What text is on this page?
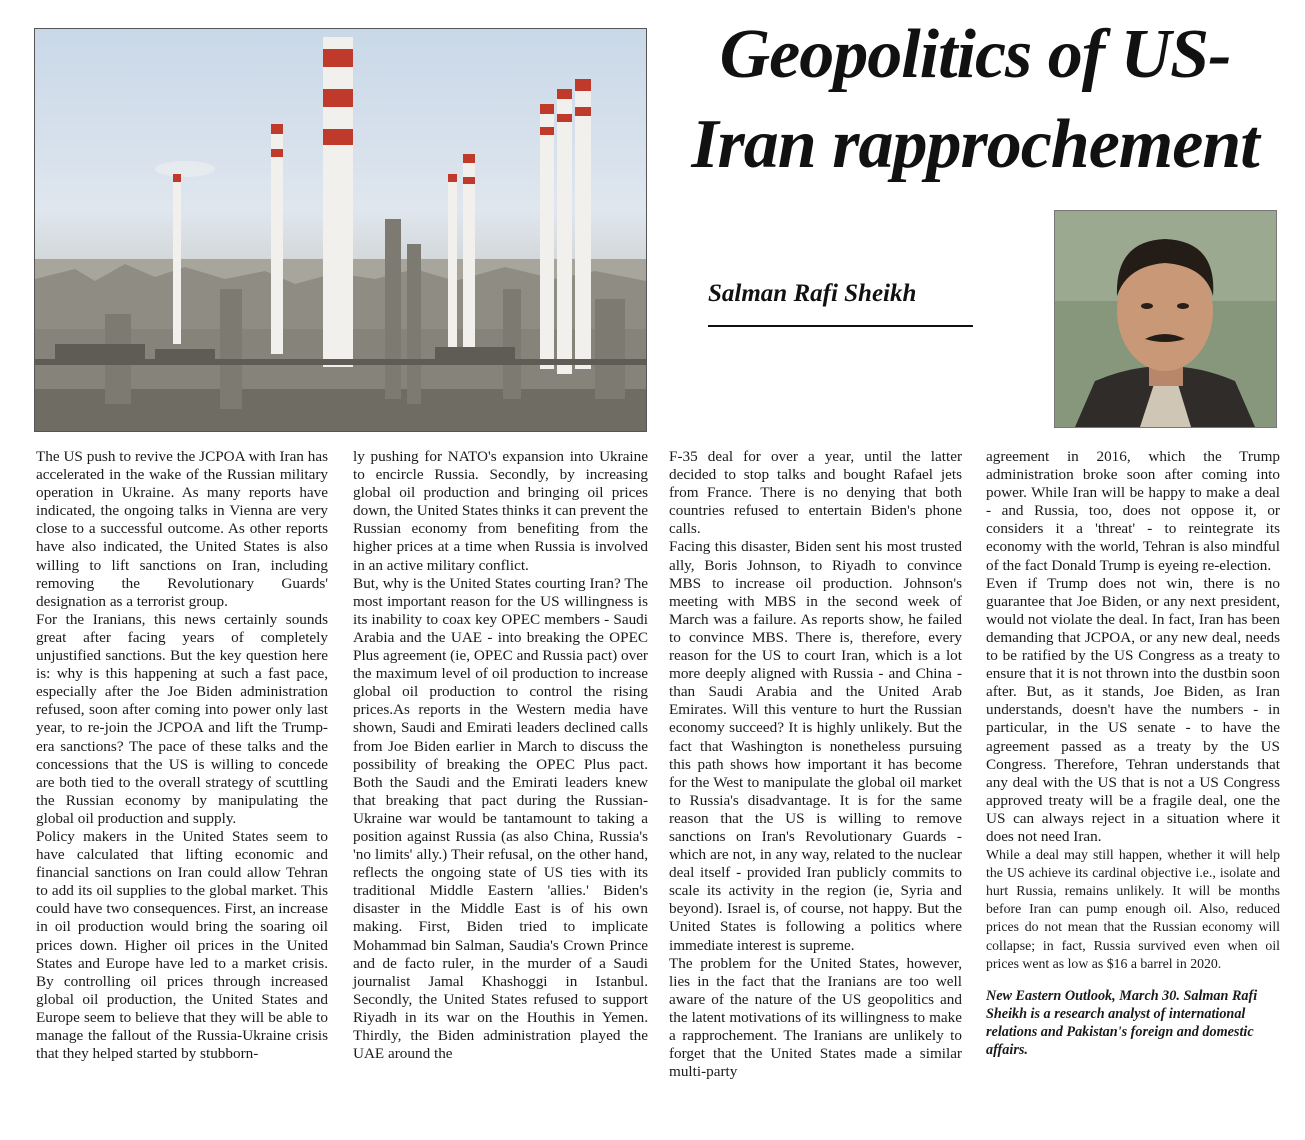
Geopolitics of US-Iran rapprochement
Salman Rafi Sheikh

The US push to revive the JCPOA with Iran has accelerated in the wake of the Russian military operation in Ukraine. As many reports have indicated, the ongoing talks in Vienna are very close to a successful outcome. As other reports have also indicated, the United States is also willing to lift sanctions on Iran, including removing the Revolutionary Guards' designation as a terrorist group.

For the Iranians, this news certainly sounds great after facing years of completely unjustified sanctions. But the key question here is: why is this happening at such a fast pace, especially after the Joe Biden administration refused, soon after coming into power only last year, to re-join the JCPOA and lift the Trump-era sanctions? The pace of these talks and the concessions that the US is willing to concede are both tied to the overall strategy of scuttling the Russian economy by manipulating the global oil production and supply.

Policy makers in the United States seem to have calculated that lifting economic and financial sanctions on Iran could allow Tehran to add its oil supplies to the global market. This could have two consequences. First, an increase in oil production would bring the soaring oil prices down. Higher oil prices in the United States and Europe have led to a market crisis. By controlling oil prices through increased global oil production, the United States and Europe seem to believe that they will be able to manage the fallout of the Russia-Ukraine crisis that they helped started by stubborn-

ly pushing for NATO's expansion into Ukraine to encircle Russia. Secondly, by increasing global oil production and bringing oil prices down, the United States thinks it can prevent the Russian economy from benefiting from the higher prices at a time when Russia is involved in an active military conflict.

But, why is the United States courting Iran? The most important reason for the US willingness is its inability to coax key OPEC members - Saudi Arabia and the UAE - into breaking the OPEC Plus agreement (ie, OPEC and Russia pact) over the maximum level of oil production to increase global oil production to control the rising prices.As reports in the Western media have shown, Saudi and Emirati leaders declined calls from Joe Biden earlier in March to discuss the possibility of breaking the OPEC Plus pact. Both the Saudi and the Emirati leaders knew that breaking that pact during the Russian-Ukraine war would be tantamount to taking a position against Russia (as also China, Russia's 'no limits' ally.) Their refusal, on the other hand, reflects the ongoing state of US ties with its traditional Middle Eastern 'allies.' Biden's disaster in the Middle East is of his own making. First, Biden tried to implicate Mohammad bin Salman, Saudia's Crown Prince and de facto ruler, in the murder of a Saudi journalist Jamal Khashoggi in Istanbul. Secondly, the United States refused to support Riyadh in its war on the Houthis in Yemen. Thirdly, the Biden administration played the UAE around the

F-35 deal for over a year, until the latter decided to stop talks and bought Rafael jets from France. There is no denying that both countries refused to entertain Biden's phone calls.

Facing this disaster, Biden sent his most trusted ally, Boris Johnson, to Riyadh to convince MBS to increase oil production. Johnson's meeting with MBS in the second week of March was a failure. As reports show, he failed to convince MBS. There is, therefore, every reason for the US to court Iran, which is a lot more deeply aligned with Russia - and China - than Saudi Arabia and the United Arab Emirates. Will this venture to hurt the Russian economy succeed? It is highly unlikely. But the fact that Washington is nonetheless pursuing this path shows how important it has become for the West to manipulate the global oil market to Russia's disadvantage. It is for the same reason that the US is willing to remove sanctions on Iran's Revolutionary Guards - which are not, in any way, related to the nuclear deal itself - provided Iran publicly commits to scale its activity in the region (ie, Syria and beyond). Israel is, of course, not happy. But the United States is following a politics where immediate interest is supreme.

The problem for the United States, however, lies in the fact that the Iranians are too well aware of the nature of the US geopolitics and the latent motivations of its willingness to make a rapprochement. The Iranians are unlikely to forget that the United States made a similar multi-party

agreement in 2016, which the Trump administration broke soon after coming into power. While Iran will be happy to make a deal - and Russia, too, does not oppose it, or considers it a 'threat' - to reintegrate its economy with the world, Tehran is also mindful of the fact Donald Trump is eyeing re-election.

Even if Trump does not win, there is no guarantee that Joe Biden, or any next president, would not violate the deal. In fact, Iran has been demanding that JCPOA, or any new deal, needs to be ratified by the US Congress as a treaty to ensure that it is not thrown into the dustbin soon after. But, as it stands, Joe Biden, as Iran understands, doesn't have the numbers - in particular, in the US senate - to have the agreement passed as a treaty by the US Congress. Therefore, Tehran understands that any deal with the US that is not a US Congress approved treaty will be a fragile deal, one the US can always reject in a situation where it does not need Iran.

While a deal may still happen, whether it will help the US achieve its cardinal objective i.e., isolate and hurt Russia, remains unlikely. It will be months before Iran can pump enough oil. Also, reduced prices do not mean that the Russian economy will collapse; in fact, Russia survived even when oil prices went as low as $16 a barrel in 2020.

New Eastern Outlook, March 30. Salman Rafi Sheikh is a research analyst of international relations and Pakistan's foreign and domestic affairs.
